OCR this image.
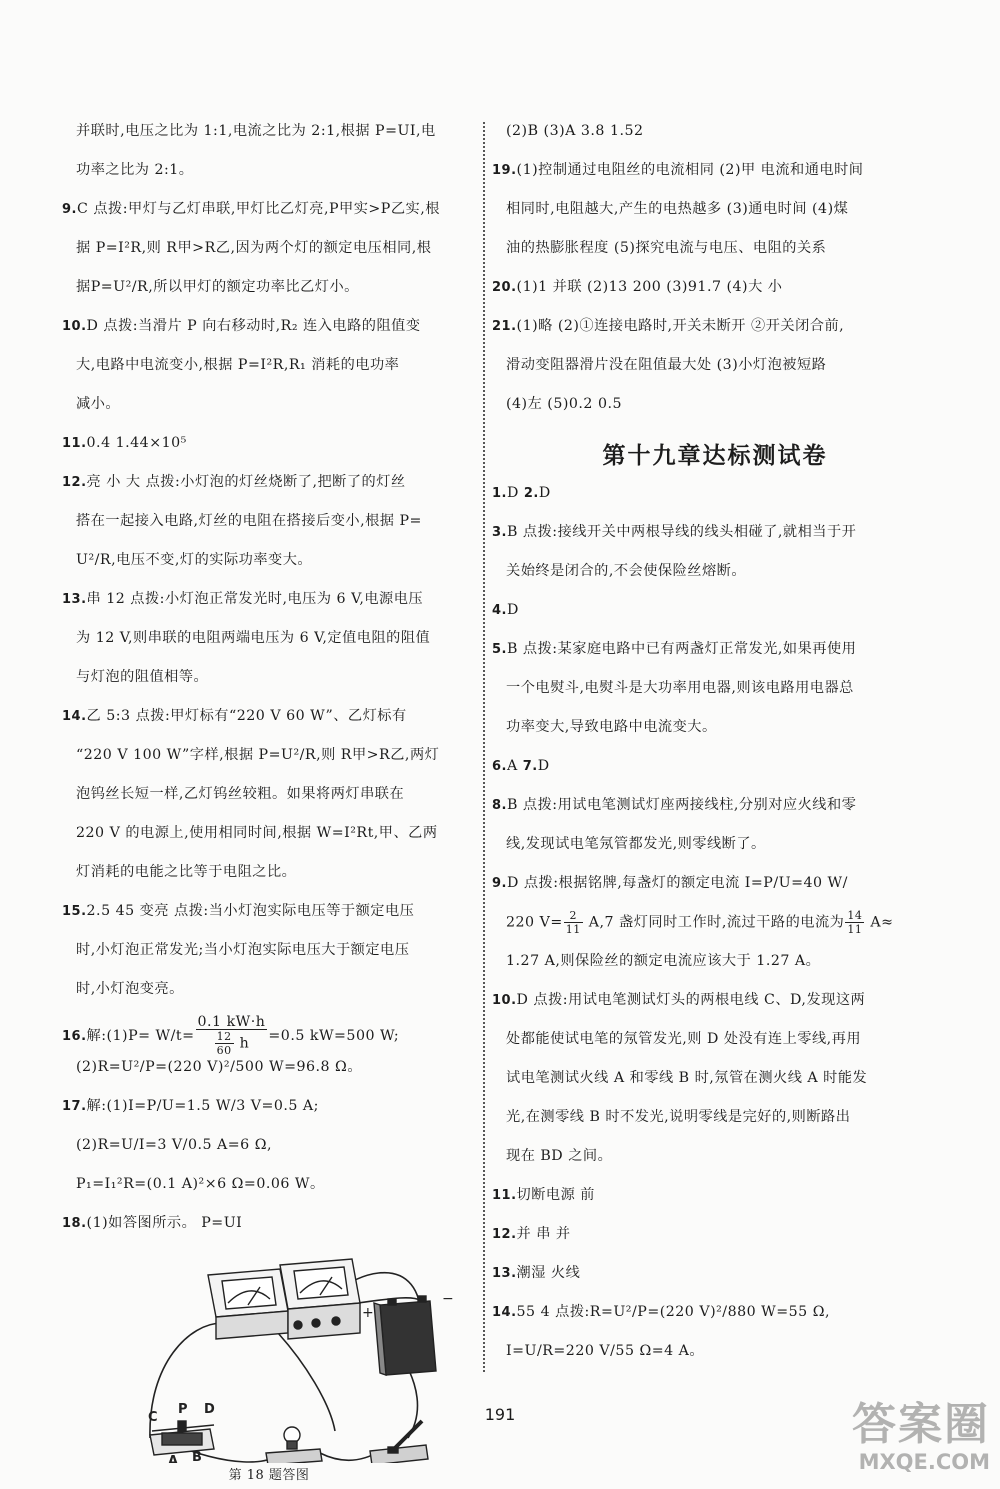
并联时,电压之比为 1:1,电流之比为 2:1,根据 P=UI,电
功率之比为 2:1。
9.C 点拨:甲灯与乙灯串联,甲灯比乙灯亮,P甲实>P乙实,根
据 P=I²R,则 R甲>R乙,因为两个灯的额定电压相同,根
据P=U²/R,所以甲灯的额定功率比乙灯小。
10.D 点拨:当滑片 P 向右移动时,R₂ 连入电路的阻值变
大,电路中电流变小,根据 P=I²R,R₁ 消耗的电功率
减小。
11.0.4 1.44×10⁵
12.亮 小 大 点拨:小灯泡的灯丝烧断了,把断了的灯丝
搭在一起接入电路,灯丝的电阻在搭接后变小,根据 P=
U²/R,电压不变,灯的实际功率变大。
13.串 12 点拨:小灯泡正常发光时,电压为 6 V,电源电压
为 12 V,则串联的电阻两端电压为 6 V,定值电阻的阻值
与灯泡的阻值相等。
14.乙 5:3 点拨:甲灯标有“220 V 60 W”、乙灯标有
“220 V 100 W”字样,根据 P=U²/R,则 R甲>R乙,两灯
泡钨丝长短一样,乙灯钨丝较粗。如果将两灯串联在
220 V 的电源上,使用相同时间,根据 W=I²Rt,甲、乙两
灯消耗的电能之比等于电阻之比。
15.2.5 45 变亮 点拨:当小灯泡实际电压等于额定电压
时,小灯泡正常发光;当小灯泡实际电压大于额定电压
时,小灯泡变亮。
16.解:(1)P= $W/t= \frac{0.1 kW\cdot h}{\frac{12}{60} h} =0.5$ kW=500 W;
(2)R=U²/P=(220 V)²/500 W=96.8 Ω。
17.解:(1)I=P/U=1.5 W/3 V=0.5 A;
(2)R=U/I=3 V/0.5 A=6 Ω,
P₁=I₁²R=(0.1 A)²×6 Ω=0.06 W。
18.(1)如答图所示。 P=UI
+
−
C
P D
A B
第 18 题答图
(2)B (3)A 3.8 1.52
19.(1)控制通过电阻丝的电流相同 (2)甲 电流和通电时间
相同时,电阻越大,产生的电热越多 (3)通电时间 (4)煤
油的热膨胀程度 (5)探究电流与电压、电阻的关系
20.(1)1 并联 (2)13 200 (3)91.7 (4)大 小
21.(1)略 (2)①连接电路时,开关未断开 ②开关闭合前,
滑动变阻器滑片没在阻值最大处 (3)小灯泡被短路
(4)左 (5)0.2 0.5
第十九章达标测试卷
1.D 2.D
3.B 点拨:接线开关中两根导线的线头相碰了,就相当于开
关始终是闭合的,不会使保险丝熔断。
4.D
5.B 点拨:某家庭电路中已有两盏灯正常发光,如果再使用
一个电熨斗,电熨斗是大功率用电器,则该电路用电器总
功率变大,导致电路中电流变大。
6.A 7.D
8.B 点拨:用试电笔测试灯座两接线柱,分别对应火线和零
线,发现试电笔氖管都发光,则零线断了。
9.D 点拨:根据铭牌,每盏灯的额定电流 I=P/U=40 W/
220 $V= \frac{2}{11} A,7$ 盏灯同时工作时,流过干路的电流为 $\frac{14}{11} A\approx$
1.27 A,则保险丝的额定电流应该大于 1.27 A。
10.D 点拨:用试电笔测试灯头的两根电线 C、D,发现这两
处都能使试电笔的氖管发光,则 D 处没有连上零线,再用
试电笔测试火线 A 和零线 B 时,氖管在测火线 A 时能发
光,在测零线 B 时不发光,说明零线是完好的,则断路出
现在 BD 之间。
11.切断电源 前
12.并 串 并
13.潮湿 火线
14.55 4 点拨:R=U²/P=(220 V)²/880 W=55 Ω,
I=U/R=220 V/55 Ω=4 A。
191	答案圈
MXQE.COM
